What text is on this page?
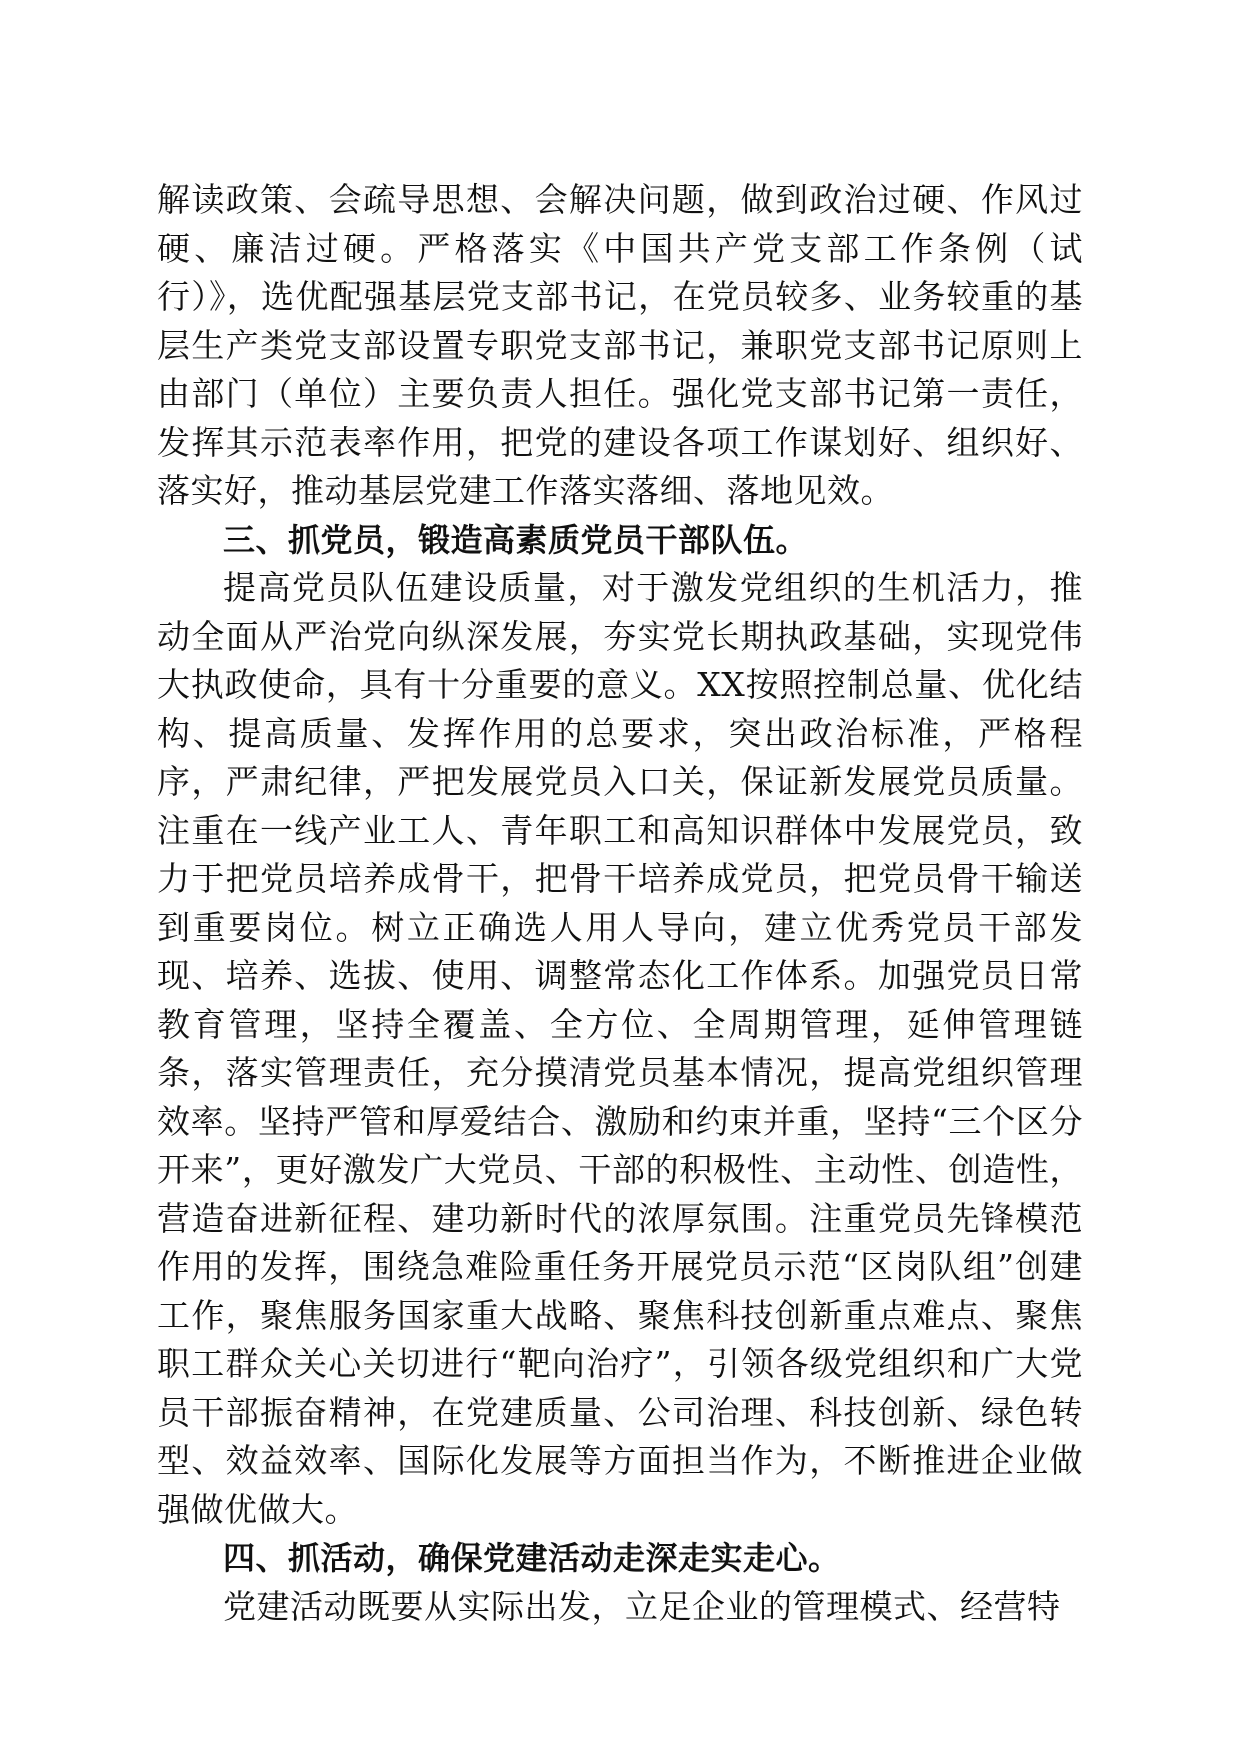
解读政策、会疏导思想、会解决问题，做到政治过硬、作风过硬、廉洁过硬。严格落实《中国共产党支部工作条例（试行）》，选优配强基层党支部书记，在党员较多、业务较重的基层生产类党支部设置专职党支部书记，兼职党支部书记原则上由部门（单位）主要负责人担任。强化党支部书记第一责任，发挥其示范表率作用，把党的建设各项工作谋划好、组织好、落实好，推动基层党建工作落实落细、落地见效。

三、抓党员，锻造高素质党员干部队伍。

提高党员队伍建设质量，对于激发党组织的生机活力，推动全面从严治党向纵深发展，夯实党长期执政基础，实现党伟大执政使命，具有十分重要的意义。XX按照控制总量、优化结构、提高质量、发挥作用的总要求，突出政治标准，严格程序，严肃纪律，严把发展党员入口关，保证新发展党员质量。注重在一线产业工人、青年职工和高知识群体中发展党员，致力于把党员培养成骨干，把骨干培养成党员，把党员骨干输送到重要岗位。树立正确选人用人导向，建立优秀党员干部发现、培养、选拔、使用、调整常态化工作体系。加强党员日常教育管理，坚持全覆盖、全方位、全周期管理，延伸管理链条，落实管理责任，充分摸清党员基本情况，提高党组织管理效率。坚持严管和厚爱结合、激励和约束并重，坚持“三个区分开来”，更好激发广大党员、干部的积极性、主动性、创造性，营造奋进新征程、建功新时代的浓厚氛围。注重党员先锋模范作用的发挥，围绕急难险重任务开展党员示范“区岗队组”创建工作，聚焦服务国家重大战略、聚焦科技创新重点难点、聚焦职工群众关心关切进行“靶向治疗”，引领各级党组织和广大党员干部振奋精神，在党建质量、公司治理、科技创新、绿色转型、效益效率、国际化发展等方面担当作为，不断推进企业做强做优做大。

四、抓活动，确保党建活动走深走实走心。

党建活动既要从实际出发，立足企业的管理模式、经营特
